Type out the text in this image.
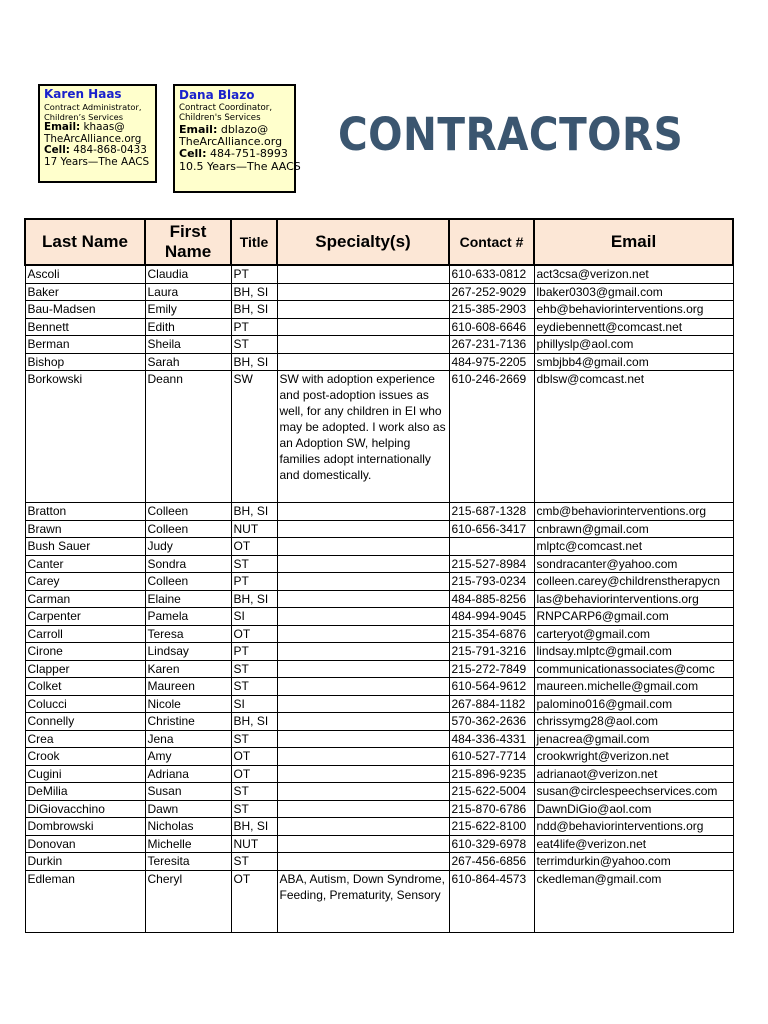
Karen Haas
Contract Administrator,
Children’s Services
Email: khaas@
TheArcAlliance.org
Cell: 484-868-0433
17 Years—The AACS
Dana Blazo
Contract Coordinator,
Children's Services
Email: dblazo@
TheArcAlliance.org
Cell: 484-751-8993
10.5 Years—The AACS
CONTRACTORS
Last Name	First Name	Title	Specialty(s)	Contact #	Email
Ascoli	Claudia	PT		610-633-0812	act3csa@verizon.net
Baker	Laura	BH, SI		267-252-9029	lbaker0303@gmail.com
Bau-Madsen	Emily	BH, SI		215-385-2903	ehb@behaviorinterventions.org
Bennett	Edith	PT		610-608-6646	eydiebennett@comcast.net
Berman	Sheila	ST		267-231-7136	phillyslp@aol.com
Bishop	Sarah	BH, SI		484-975-2205	smbjbb4@gmail.com
Borkowski	Deann	SW	SW with adoption experience and post-adoption issues as well, for any children in EI who may be adopted. I work also as an Adoption SW, helping families adopt internationally and domestically.	610-246-2669	dblsw@comcast.net
Bratton	Colleen	BH, SI		215-687-1328	cmb@behaviorinterventions.org
Brawn	Colleen	NUT		610-656-3417	cnbrawn@gmail.com
Bush Sauer	Judy	OT			mlptc@comcast.net
Canter	Sondra	ST		215-527-8984	sondracanter@yahoo.com
Carey	Colleen	PT		215-793-0234	colleen.carey@childrenstherapycn
Carman	Elaine	BH, SI		484-885-8256	las@behaviorinterventions.org
Carpenter	Pamela	SI		484-994-9045	RNPCARP6@gmail.com
Carroll	Teresa	OT		215-354-6876	carteryot@gmail.com
Cirone	Lindsay	PT		215-791-3216	lindsay.mlptc@gmail.com
Clapper	Karen	ST		215-272-7849	communicationassociates@comc
Colket	Maureen	ST		610-564-9612	maureen.michelle@gmail.com
Colucci	Nicole	SI		267-884-1182	palomino016@gmail.com
Connelly	Christine	BH, SI		570-362-2636	chrissymg28@aol.com
Crea	Jena	ST		484-336-4331	jenacrea@gmail.com
Crook	Amy	OT		610-527-7714	crookwright@verizon.net
Cugini	Adriana	OT		215-896-9235	adrianaot@verizon.net
DeMilia	Susan	ST		215-622-5004	susan@circlespeechservices.com
DiGiovacchino	Dawn	ST		215-870-6786	DawnDiGio@aol.com
Dombrowski	Nicholas	BH, SI		215-622-8100	ndd@behaviorinterventions.org
Donovan	Michelle	NUT		610-329-6978	eat4life@verizon.net
Durkin	Teresita	ST		267-456-6856	terrimdurkin@yahoo.com
Edleman	Cheryl	OT	ABA, Autism, Down Syndrome, Feeding, Prematurity, Sensory	610-864-4573	ckedleman@gmail.com
